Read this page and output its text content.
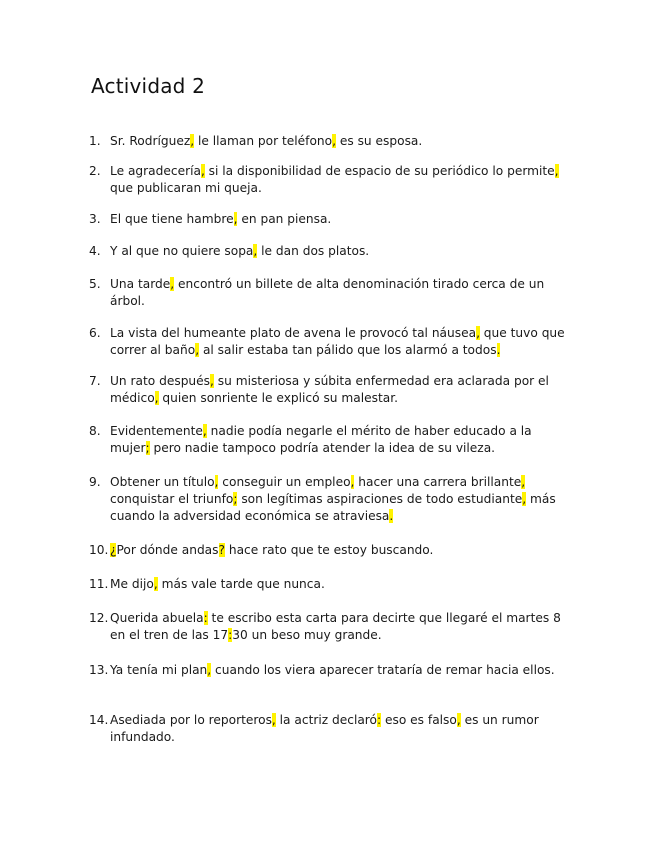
Actividad 2
1. Sr. Rodríguez, le llaman por teléfono, es su esposa.
2. Le agradecería, si la disponibilidad de espacio de su periódico lo permite, que publicaran mi queja.
3. El que tiene hambre, en pan piensa.
4. Y al que no quiere sopa, le dan dos platos.
5. Una tarde, encontró un billete de alta denominación tirado cerca de un árbol.
6. La vista del humeante plato de avena le provocó tal náusea, que tuvo que correr al baño, al salir estaba tan pálido que los alarmó a todos.
7. Un rato después, su misteriosa y súbita enfermedad era aclarada por el médico, quien sonriente le explicó su malestar.
8. Evidentemente, nadie podía negarle el mérito de haber educado a la mujer; pero nadie tampoco podría atender la idea de su vileza.
9. Obtener un título, conseguir un empleo, hacer una carrera brillante, conquistar el triunfo; son legítimas aspiraciones de todo estudiante, más cuando la adversidad económica se atraviesa.
10. ¿Por dónde andas? hace rato que te estoy buscando.
11. Me dijo, más vale tarde que nunca.
12. Querida abuela: te escribo esta carta para decirte que llegaré el martes 8 en el tren de las 17:30 un beso muy grande.
13. Ya tenía mi plan, cuando los viera aparecer trataría de remar hacia ellos.
14. Asediada por lo reporteros, la actriz declaró: eso es falso, es un rumor infundado.
